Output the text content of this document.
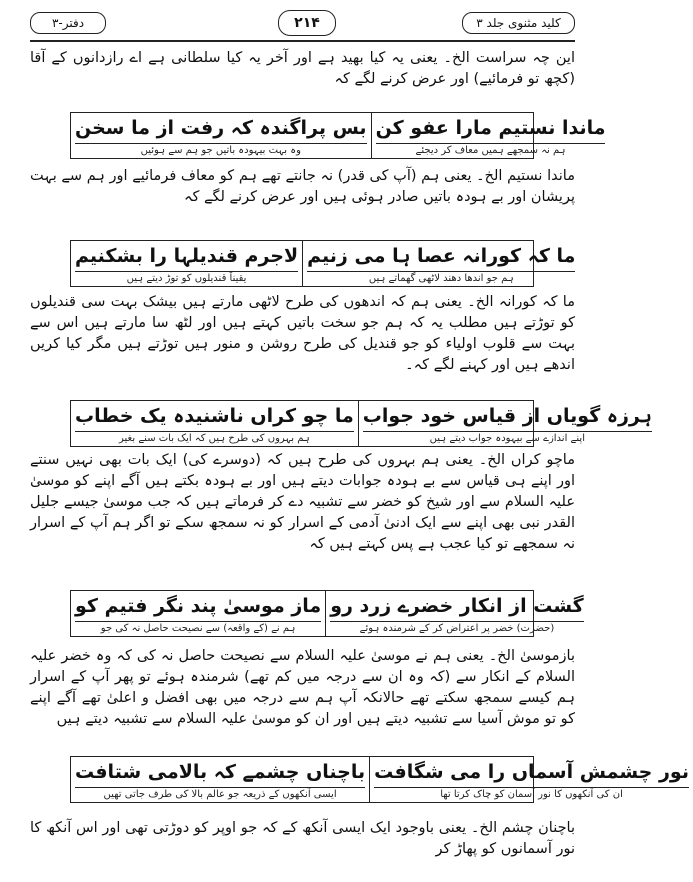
دفتر-۳	۲۱۴	کلید مثنوی جلد ۳
این چہ سراست الخ۔ یعنی یہ کیا بھید ہے اور آخر یہ کیا سلطانی ہے اے رازدانوں کے آقا (کچھ تو فرمائیے) اور عرض کرنے لگے کہ
بس پراگندہ کہ رفت از ما سخن
وہ بہت بیہودہ باتیں جو ہم سے ہوئیں
ماندا نستیم مارا عفو کن
ہم نہ سمجھے ہمیں معاف کر دیجئے
ماندا نستیم الخ۔ یعنی ہم (آپ کی قدر) نہ جانتے تھے ہم کو معاف فرمائیے اور ہم سے بہت پریشان اور بے ہودہ باتیں صادر ہوئی ہیں اور عرض کرنے لگے کہ
لاجرم قندیلہا را بشکنیم
یقیناً قندیلوں کو توڑ دیتے ہیں
ما کہ کورانہ عصا ہا می زنیم
ہم جو اندھا دھند لاٹھی گھماتے ہیں
ما کہ کورانہ الخ۔ یعنی ہم کہ اندھوں کی طرح لاٹھی مارتے ہیں بیشک بہت سی قندیلوں کو توڑتے ہیں مطلب یہ کہ ہم جو سخت باتیں کہتے ہیں اور لٹھ سا مارتے ہیں اس سے بہت سے قلوب اولیاء کو جو قندیل کی طرح روشن و منور ہیں توڑتے ہیں مگر کیا کریں اندھے ہیں اور کہنے لگے کہ۔
ما چو کراں ناشنیدہ یک خطاب
ہم بہروں کی طرح ہیں کہ ایک بات سنے بغیر
ہرزہ گویاں از قیاس خود جواب
اپنے اندازے سے بیہودہ جواب دیتے ہیں
ماچو کراں الخ۔ یعنی ہم بہروں کی طرح ہیں کہ (دوسرے کی) ایک بات بھی نہیں سنتے اور اپنے ہی قیاس سے بے ہودہ جوابات دیتے ہیں اور بے ہودہ بکتے ہیں آگے اپنے کو موسیٰ علیہ السلام سے اور شیخ کو خضر سے تشبیہ دے کر فرماتے ہیں کہ جب موسیٰ جیسے جلیل القدر نبی بھی اپنے سے ایک ادنیٰ آدمی کے اسرار کو نہ سمجھ سکے تو اگر ہم آپ کے اسرار نہ سمجھے تو کیا عجب ہے پس کہتے ہیں کہ
ماز موسیٰ پند نگر فتیم کو
ہم نے (کے واقعہ) سے نصیحت حاصل نہ کی جو
گشت از انکار خضرے زرد رو
(حضرت) خضر پر اعتراض کر کے شرمندہ ہوئے
بازموسیٰ الخ۔ یعنی ہم نے موسیٰ علیہ السلام سے نصیحت حاصل نہ کی کہ وہ خضر علیہ السلام کے انکار سے (کہ وہ ان سے درجہ میں کم تھے) شرمندہ ہوئے تو پھر آپ کے اسرار ہم کیسے سمجھ سکتے تھے حالانکہ آپ ہم سے درجہ میں بھی افضل و اعلیٰ تھے آگے اپنے کو تو موش آسیا سے تشبیہ دیتے ہیں اور ان کو موسیٰ علیہ السلام سے تشبیہ دیتے ہیں
باچناں چشمے کہ بالامی شتافت
ایسی آنکھوں کے ذریعہ جو عالم بالا کی طرف جاتی تھیں
نور چشمش آسماں را می شگافت
ان کی آنکھوں کا نور آسمان کو چاک کرتا تھا
باچنان چشم الخ۔ یعنی باوجود ایک ایسی آنکھ کے کہ جو اوپر کو دوڑتی تھی اور اس آنکھ کا نور آسمانوں کو پھاڑ کر
